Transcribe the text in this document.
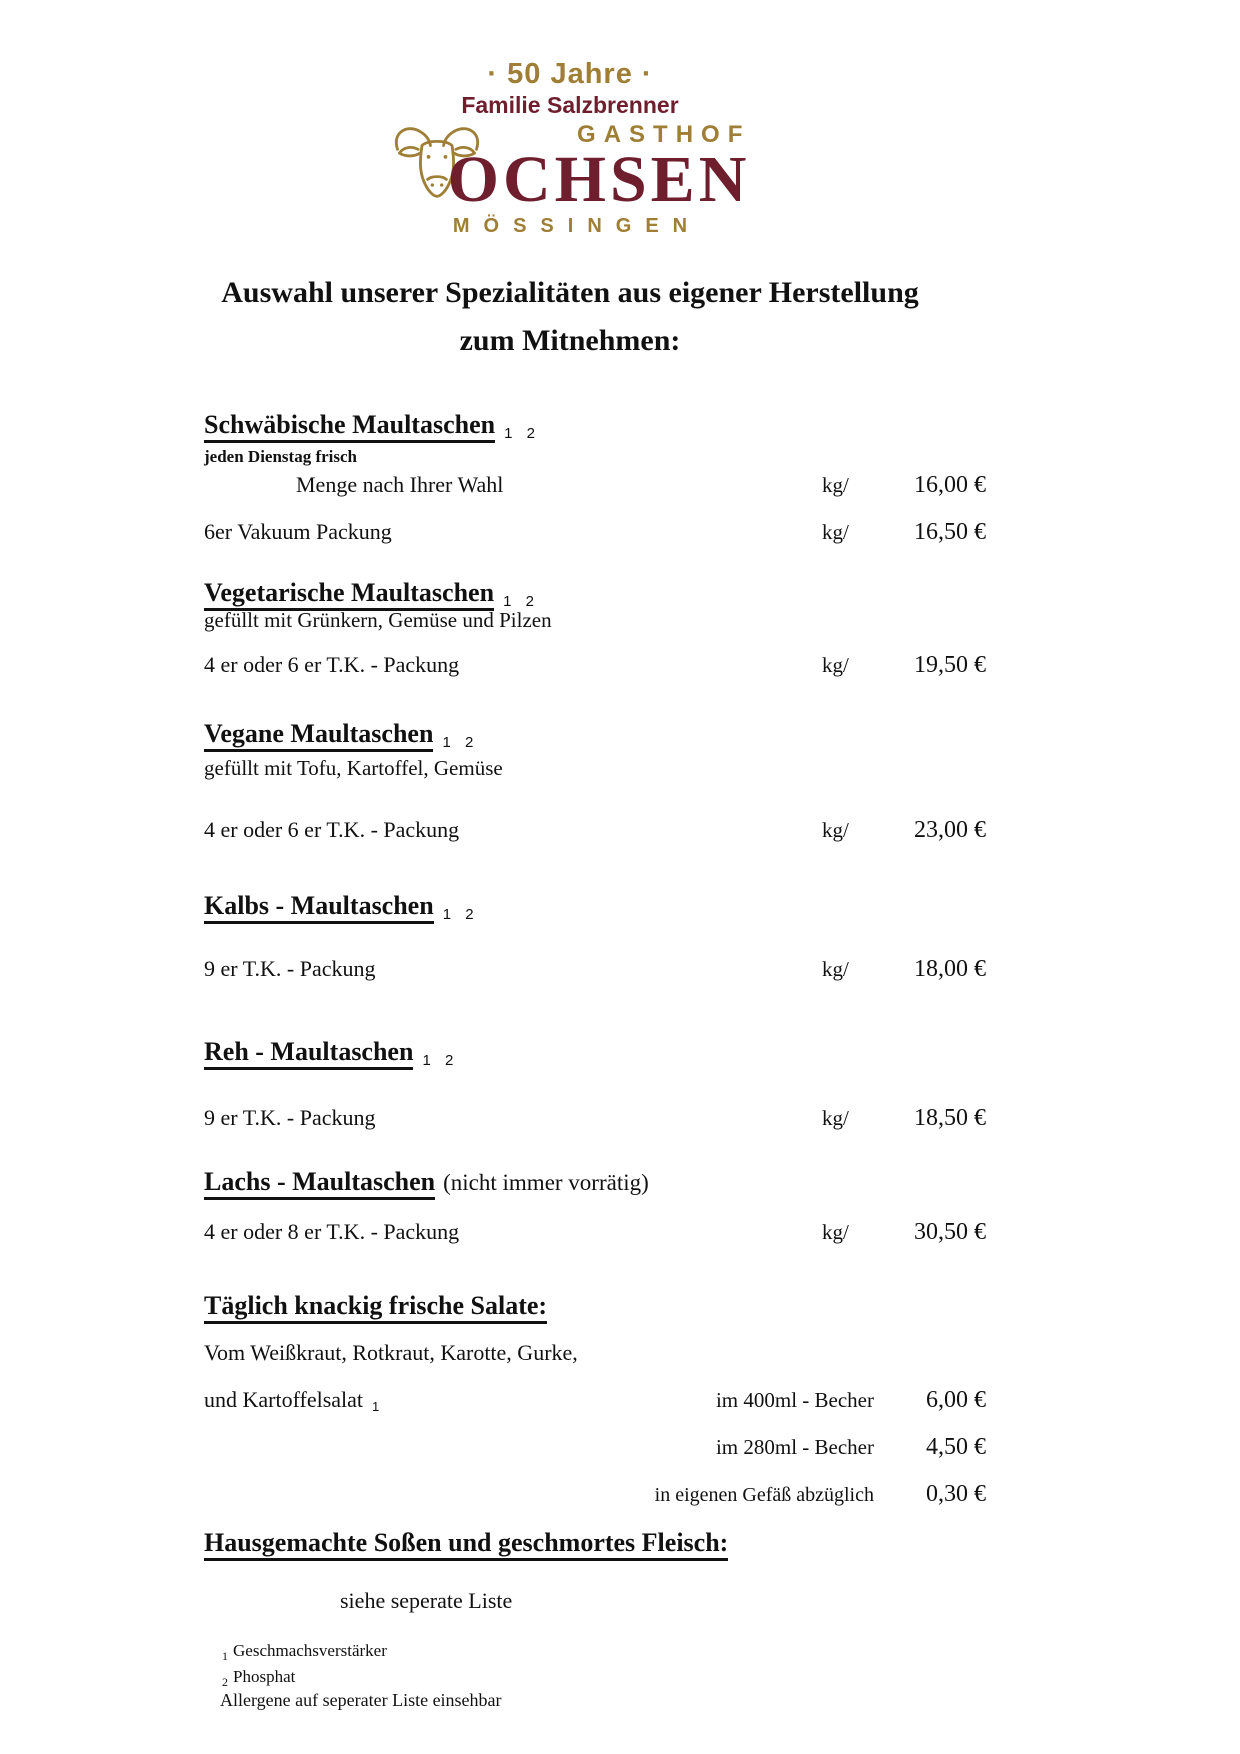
· 50 Jahre ·
Familie Salzbrenner
GASTHOF
OCHSEN
MÖSSINGEN
Auswahl unserer Spezialitäten aus eigener Herstellung
zum Mitnehmen:
Schwäbische Maultaschen 1 2
jeden Dienstag frisch
Menge nach Ihrer Wahl	kg/	16,00 €
6er Vakuum Packung	kg/	16,50 €
Vegetarische Maultaschen 1 2
gefüllt mit Grünkern, Gemüse und Pilzen
4 er oder 6 er T.K. - Packung	kg/	19,50 €
Vegane Maultaschen 1 2
gefüllt mit Tofu, Kartoffel, Gemüse
4 er oder 6 er T.K. - Packung	kg/	23,00 €
Kalbs - Maultaschen 1 2
9 er T.K. - Packung	kg/	18,00 €
Reh - Maultaschen 1 2
9 er T.K. - Packung	kg/	18,50 €
Lachs - Maultaschen (nicht immer vorrätig)
4 er oder 8 er T.K. - Packung	kg/	30,50 €
Täglich knackig frische Salate:
Vom Weißkraut, Rotkraut, Karotte, Gurke,
und Kartoffelsalat 1	im 400ml - Becher	6,00 €
im 280ml - Becher	4,50 €
in eigenen Gefäß abzüglich	0,30 €
Hausgemachte Soßen und geschmortes Fleisch:
siehe seperate Liste
$_1$ Geschmachsverstärker
$_2$ Phosphat
Allergene auf seperater Liste einsehbar
